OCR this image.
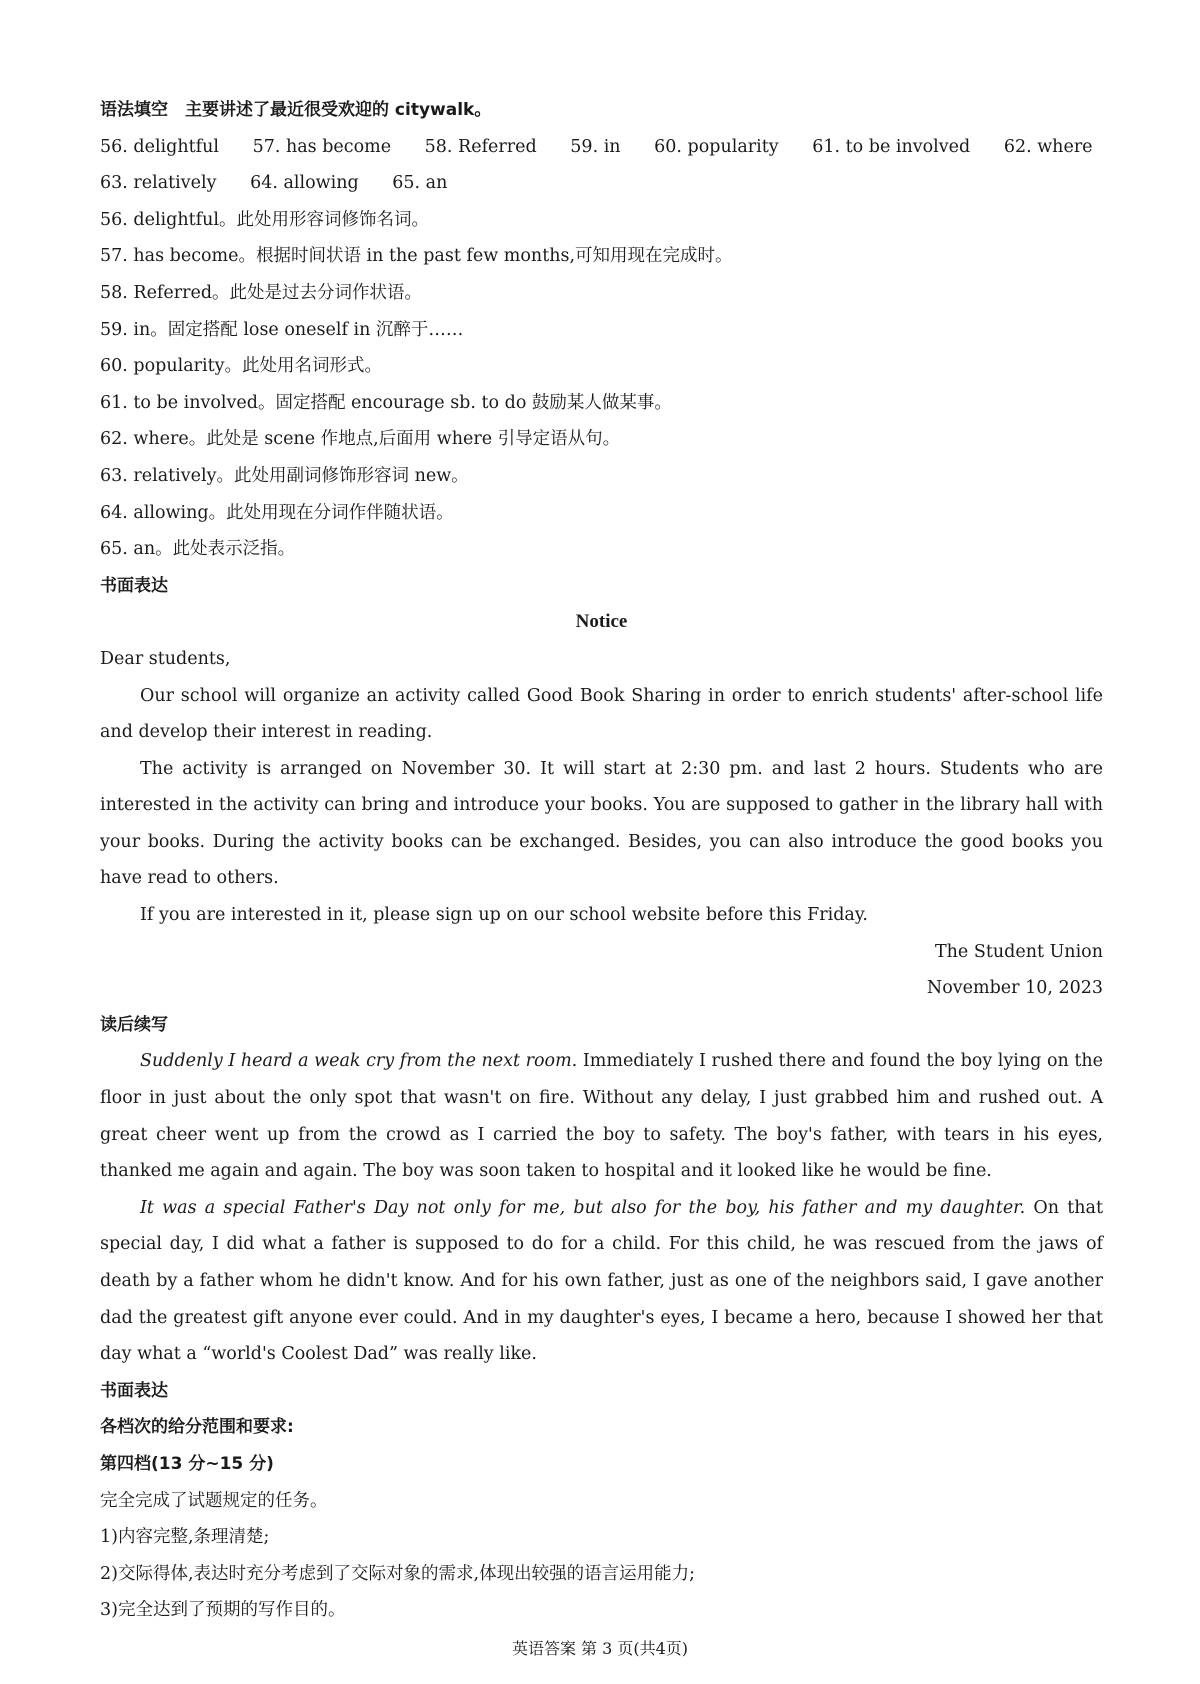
语法填空　主要讲述了最近很受欢迎的 citywalk。
56. delightful 57. has become 58. Referred 59. in 60. popularity 61. to be involved 62. where
63. relatively 64. allowing 65. an
56. delightful。此处用形容词修饰名词。
57. has become。根据时间状语 in the past few months,可知用现在完成时。
58. Referred。此处是过去分词作状语。
59. in。固定搭配 lose oneself in 沉醉于……
60. popularity。此处用名词形式。
61. to be involved。固定搭配 encourage sb. to do 鼓励某人做某事。
62. where。此处是 scene 作地点,后面用 where 引导定语从句。
63. relatively。此处用副词修饰形容词 new。
64. allowing。此处用现在分词作伴随状语。
65. an。此处表示泛指。
书面表达
Notice
Dear students,
Our school will organize an activity called Good Book Sharing in order to enrich students' after-school life and develop their interest in reading.
The activity is arranged on November 30. It will start at 2:30 pm. and last 2 hours. Students who are interested in the activity can bring and introduce your books. You are supposed to gather in the library hall with your books. During the activity books can be exchanged. Besides, you can also introduce the good books you have read to others.
If you are interested in it, please sign up on our school website before this Friday.
The Student Union
November 10, 2023
读后续写
Suddenly I heard a weak cry from the next room. Immediately I rushed there and found the boy lying on the floor in just about the only spot that wasn't on fire. Without any delay, I just grabbed him and rushed out. A great cheer went up from the crowd as I carried the boy to safety. The boy's father, with tears in his eyes, thanked me again and again. The boy was soon taken to hospital and it looked like he would be fine.
It was a special Father's Day not only for me, but also for the boy, his father and my daughter. On that special day, I did what a father is supposed to do for a child. For this child, he was rescued from the jaws of death by a father whom he didn't know. And for his own father, just as one of the neighbors said, I gave another dad the greatest gift anyone ever could. And in my daughter's eyes, I became a hero, because I showed her that day what a “world's Coolest Dad” was really like.
书面表达
各档次的给分范围和要求:
第四档(13 分~15 分)
完全完成了试题规定的任务。
1)内容完整,条理清楚;
2)交际得体,表达时充分考虑到了交际对象的需求,体现出较强的语言运用能力;
3)完全达到了预期的写作目的。
英语答案 第 3 页(共4页)
